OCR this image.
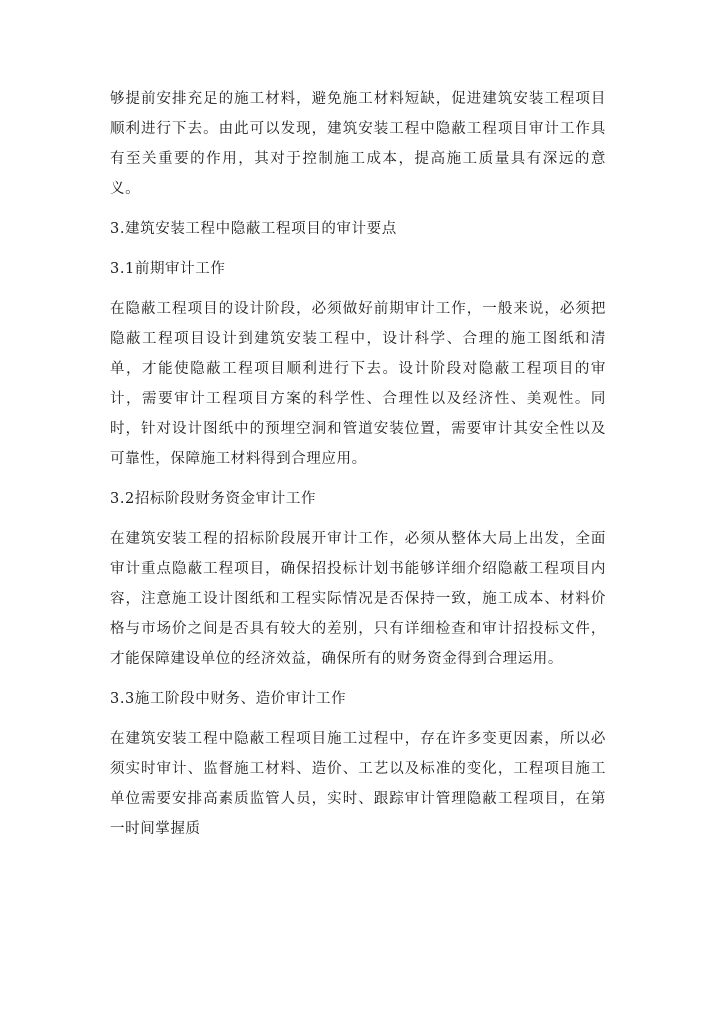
够提前安排充足的施工材料，避免施工材料短缺，促进建筑安装工程项目顺利进行下去。由此可以发现，建筑安装工程中隐蔽工程项目审计工作具有至关重要的作用，其对于控制施工成本，提高施工质量具有深远的意义。

3.建筑安装工程中隐蔽工程项目的审计要点

3.1前期审计工作

在隐蔽工程项目的设计阶段，必须做好前期审计工作，一般来说，必须把隐蔽工程项目设计到建筑安装工程中，设计科学、合理的施工图纸和清单，才能使隐蔽工程项目顺利进行下去。设计阶段对隐蔽工程项目的审计，需要审计工程项目方案的科学性、合理性以及经济性、美观性。同时，针对设计图纸中的预埋空洞和管道安装位置，需要审计其安全性以及可靠性，保障施工材料得到合理应用。

3.2招标阶段财务资金审计工作

在建筑安装工程的招标阶段展开审计工作，必须从整体大局上出发，全面审计重点隐蔽工程项目，确保招投标计划书能够详细介绍隐蔽工程项目内容，注意施工设计图纸和工程实际情况是否保持一致，施工成本、材料价格与市场价之间是否具有较大的差别，只有详细检查和审计招投标文件，才能保障建设单位的经济效益，确保所有的财务资金得到合理运用。

3.3施工阶段中财务、造价审计工作

在建筑安装工程中隐蔽工程项目施工过程中，存在许多变更因素，所以必须实时审计、监督施工材料、造价、工艺以及标准的变化，工程项目施工单位需要安排高素质监管人员，实时、跟踪审计管理隐蔽工程项目，在第一时间掌握质
